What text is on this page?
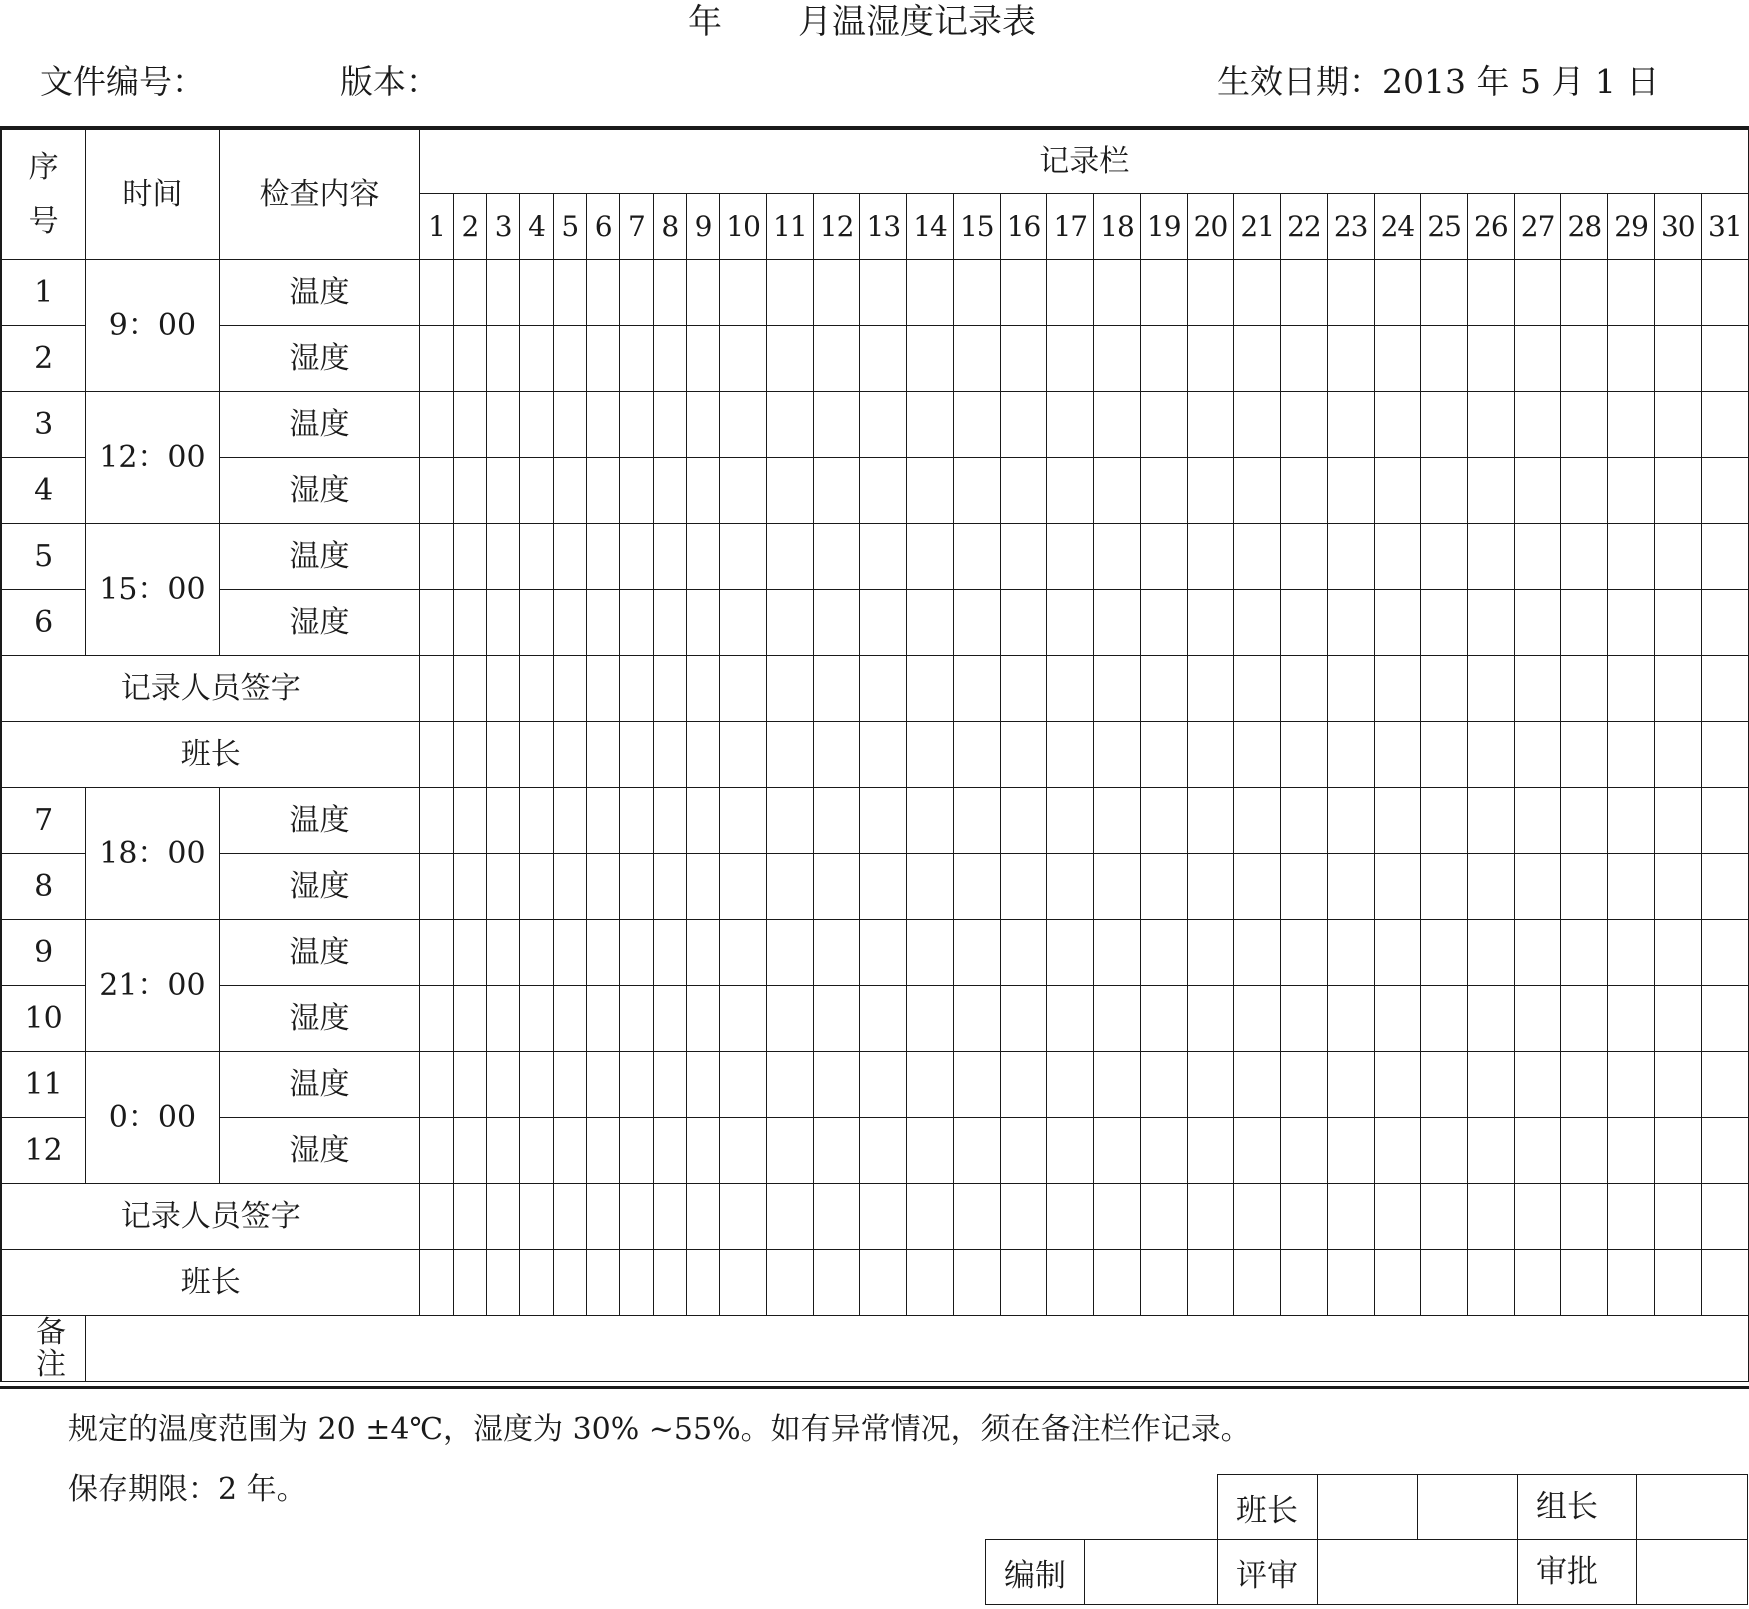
年 月温湿度记录表
文件编号：	版本：	生效日期：2013 年 5 月 1 日
序
号	时间	检查内容	记录栏																														
			1	2	3	4	5	6	7	8	9	10	11	12	13	14	15	16	17	18	19	20	21	22	23	24	25	26	27	28	29	30	31
1	9：00	温度																															
2		湿度																															
3	12：00	温度																															
4		湿度																															
5	15：00	温度																															
6		湿度																															
记录人员签字																																	
班长																																	
7	18：00	温度																															
8		湿度																															
9	21：00	温度																															
10		湿度																															
11	0：00	温度																															
12		湿度																															
记录人员签字																																	
班长																																	
备注																																	
规定的温度范围为 20 ±4℃，湿度为 30% ~55%。如有异常情况，须在备注栏作记录。
保存期限：2 年。
		班长			组长

编制		评审			审批
